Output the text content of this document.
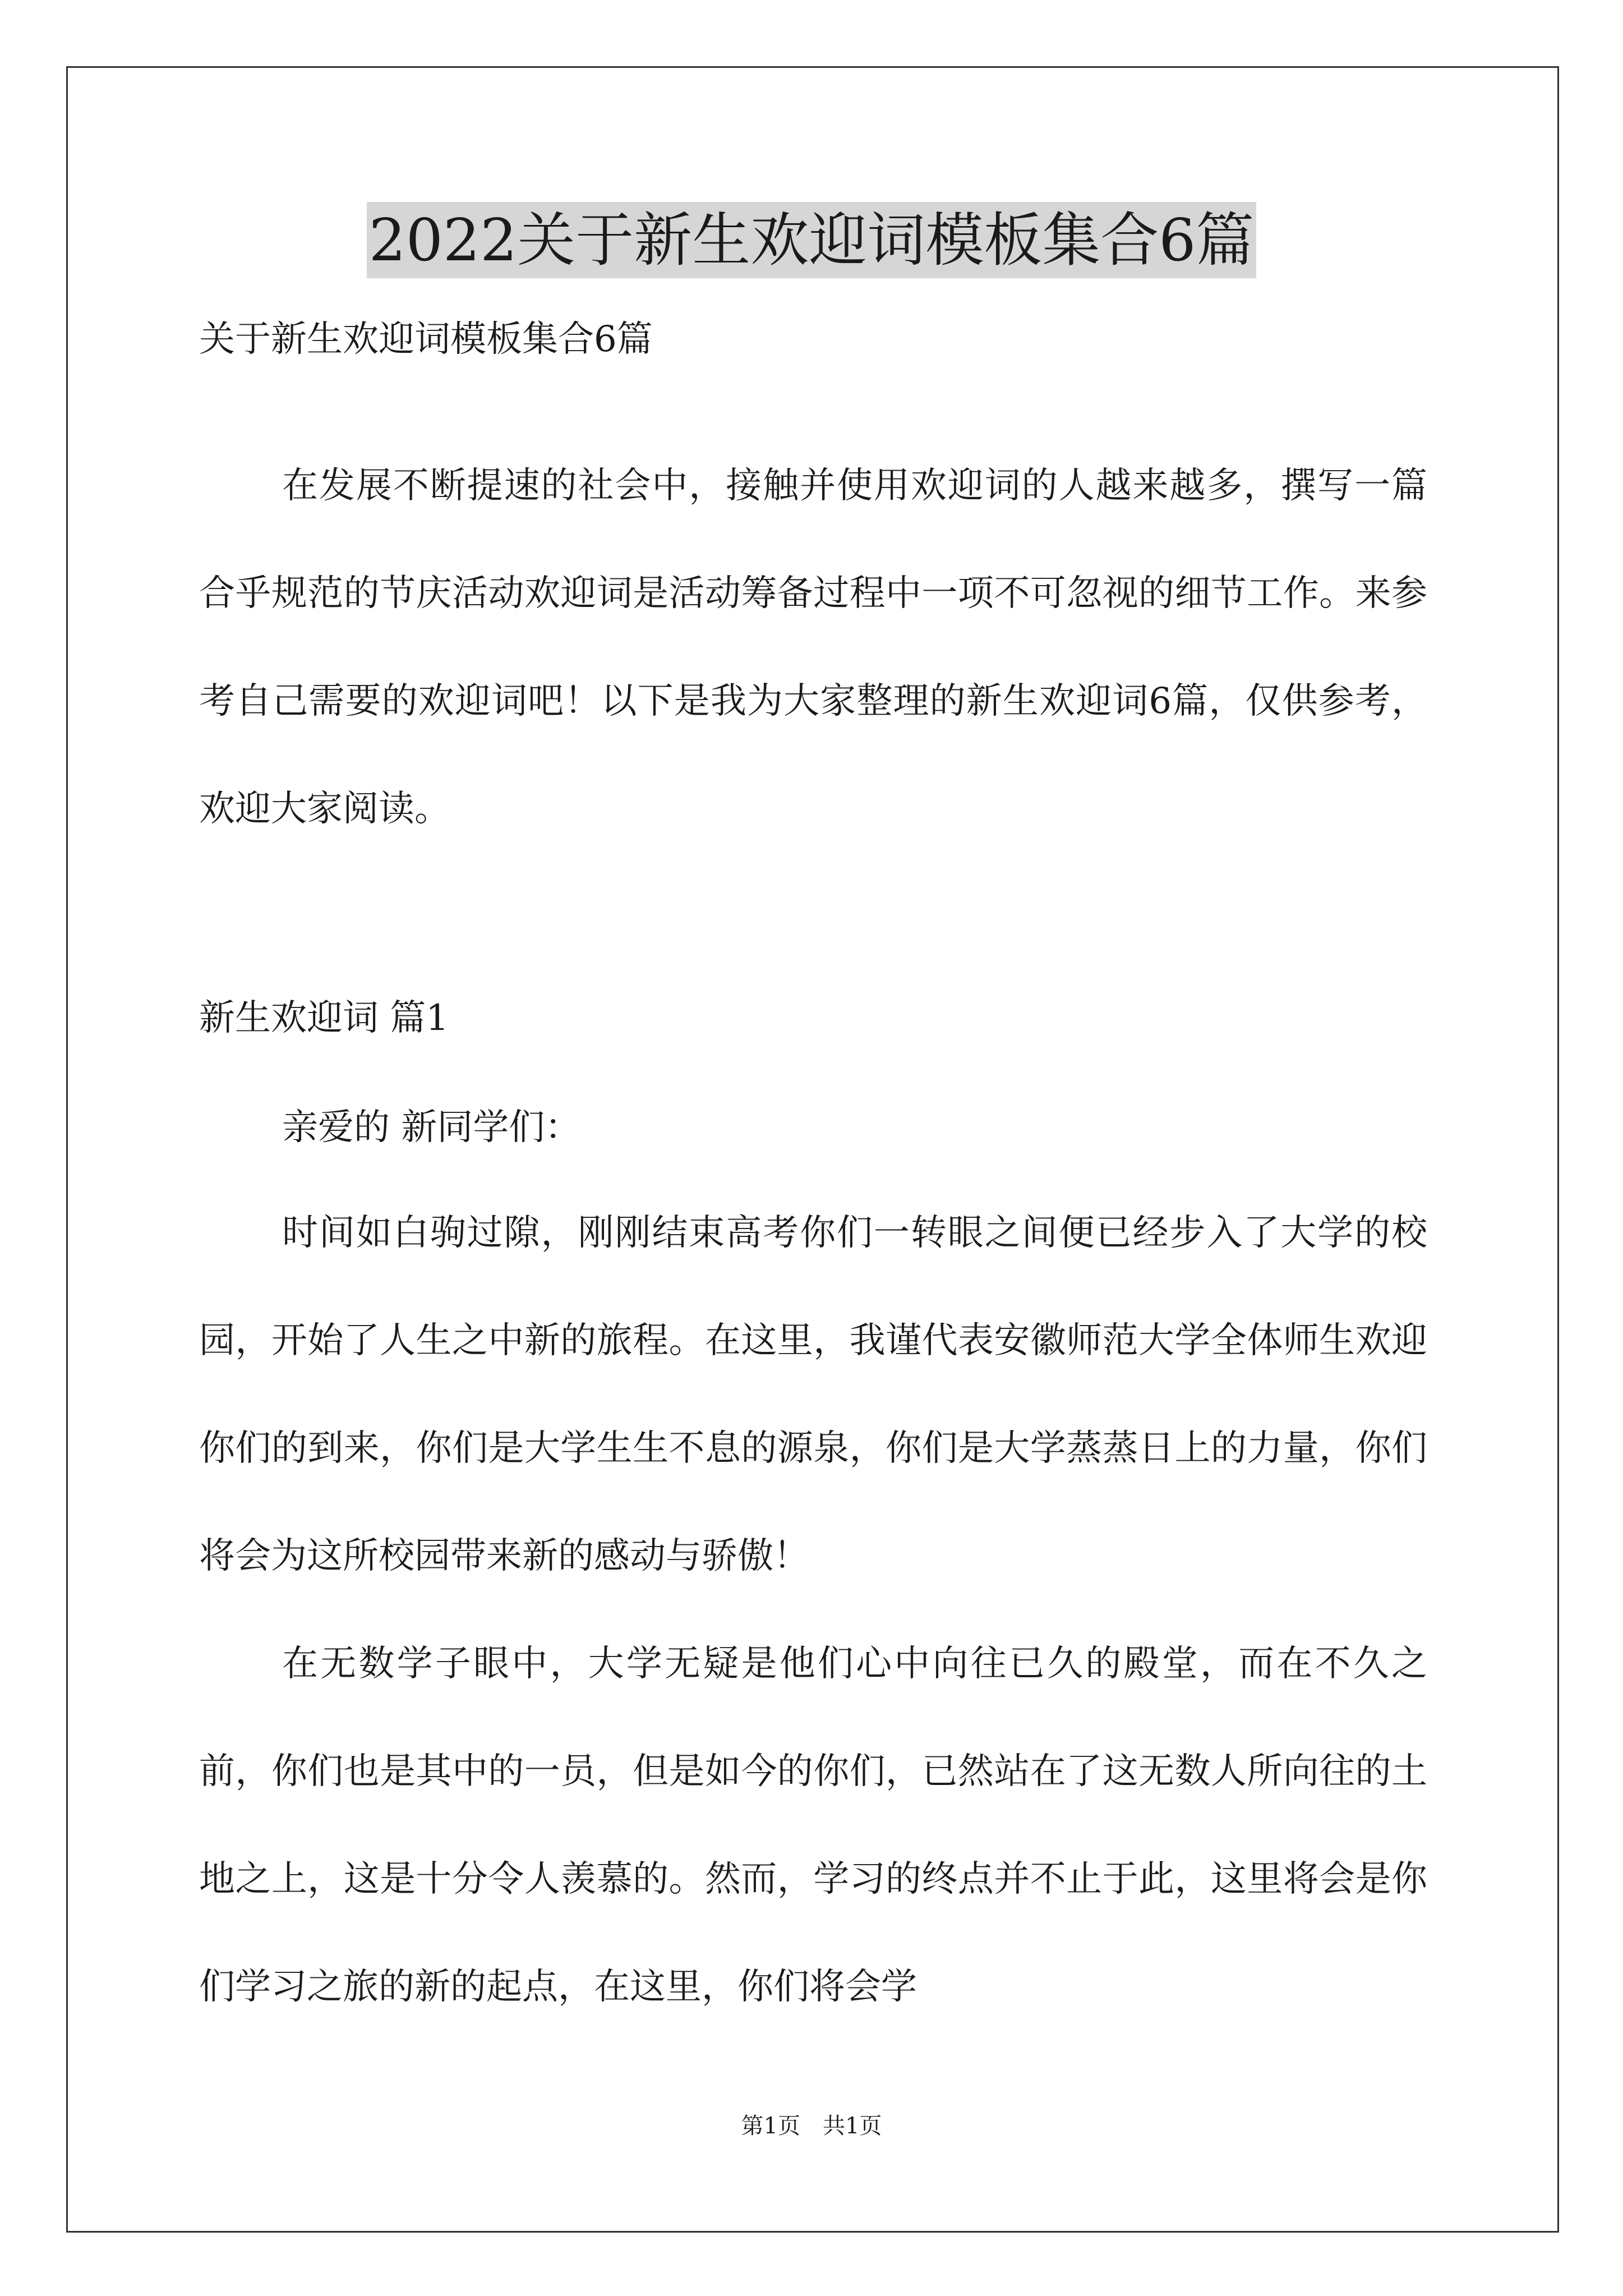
2022关于新生欢迎词模板集合6篇
关于新生欢迎词模板集合6篇

在发展不断提速的社会中，接触并使用欢迎词的人越来越多，撰写一篇合乎规范的节庆活动欢迎词是活动筹备过程中一项不可忽视的细节工作。来参考自己需要的欢迎词吧！以下是我为大家整理的新生欢迎词6篇，仅供参考，欢迎大家阅读。

新生欢迎词 篇1
亲爱的 新同学们：

时间如白驹过隙，刚刚结束高考你们一转眼之间便已经步入了大学的校园，开始了人生之中新的旅程。在这里，我谨代表安徽师范大学全体师生欢迎你们的到来，你们是大学生生不息的源泉，你们是大学蒸蒸日上的力量，你们将会为这所校园带来新的感动与骄傲！

在无数学子眼中，大学无疑是他们心中向往已久的殿堂，而在不久之前，你们也是其中的一员，但是如今的你们，已然站在了这无数人所向往的土地之上，这是十分令人羡慕的。然而，学习的终点并不止于此，这里将会是你们学习之旅的新的起点，在这里，你们将会学

第1页　共1页
